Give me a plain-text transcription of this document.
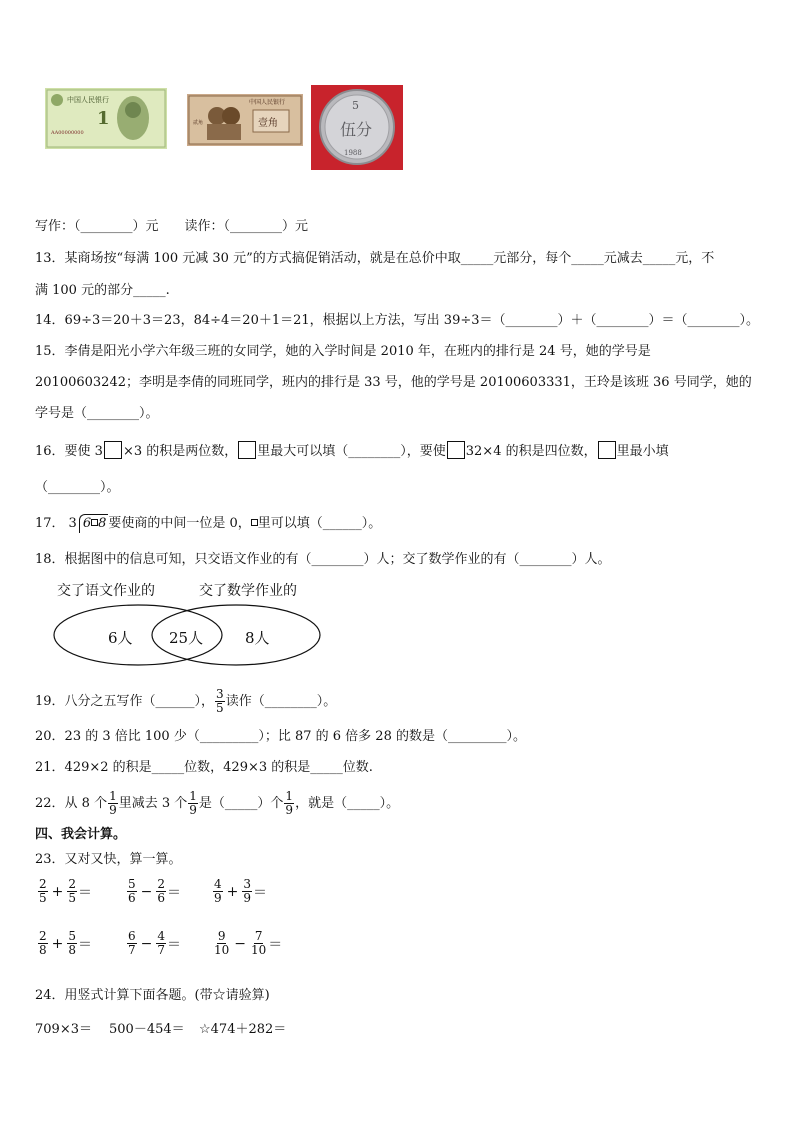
中国人民银行
1
AA00000000
中国人民银行
壹角
贰角
5
伍分
1988
写作：（________）元　　读作：（________）元
13．某商场按“每满 100 元减 30 元”的方式搞促销活动，就是在总价中取_____元部分，每个_____元减去_____元，不
满 100 元的部分_____.
14．69÷3＝20＋3＝23，84÷4＝20＋1＝21，根据以上方法，写出 39÷3＝（________）＋（________）＝（________）。
15．李倩是阳光小学六年级三班的女同学，她的入学时间是 2010 年，在班内的排行是 24 号，她的学号是
20100603242；李明是李倩的同班同学，班内的排行是 33 号，他的学号是 20100603331，王玲是该班 36 号同学，她的
学号是（________）。
16．要使 3 ×3 的积是两位数， 里最大可以填（________），要使 32×4 的积是四位数， 里最小填
（________）。
17． 3 6 8 要使商的中间一位是 0， 里可以填（______）。
18．根据图中的信息可知，只交语文作业的有（________）人；交了数学作业的有（________）人。
交了语文作业的	交了数学作业的
6人 25人	8人
19．八分之五写作（______）， $\frac{3}{5}$ 读作（________）。
20．23 的 3 倍比 100 少（_________）；比 87 的 6 倍多 28 的数是（_________）。
21．429×2 的积是_____位数，429×3 的积是_____位数.
22．从 8 个 $\frac{1}{9}$ 里减去 3 个 $\frac{1}{9}$ 是（_____）个 $\frac{1}{9}$ ，就是（_____）。
四、我会计算。
23．又对又快，算一算。
$\frac{2}{5} + \frac{2}{5}$ ＝	$\frac{5}{6} - \frac{2}{6}$ ＝	$\frac{4}{9} + \frac{3}{9}$ ＝
$\frac{2}{8} + \frac{5}{8}$ ＝	$\frac{6}{7} - \frac{4}{7}$ ＝	$\frac{9}{10} - \frac{7}{10}$ ＝
24．用竖式计算下面各题。(带☆请验算)
709×3＝ 500－454＝ ☆474＋282＝
